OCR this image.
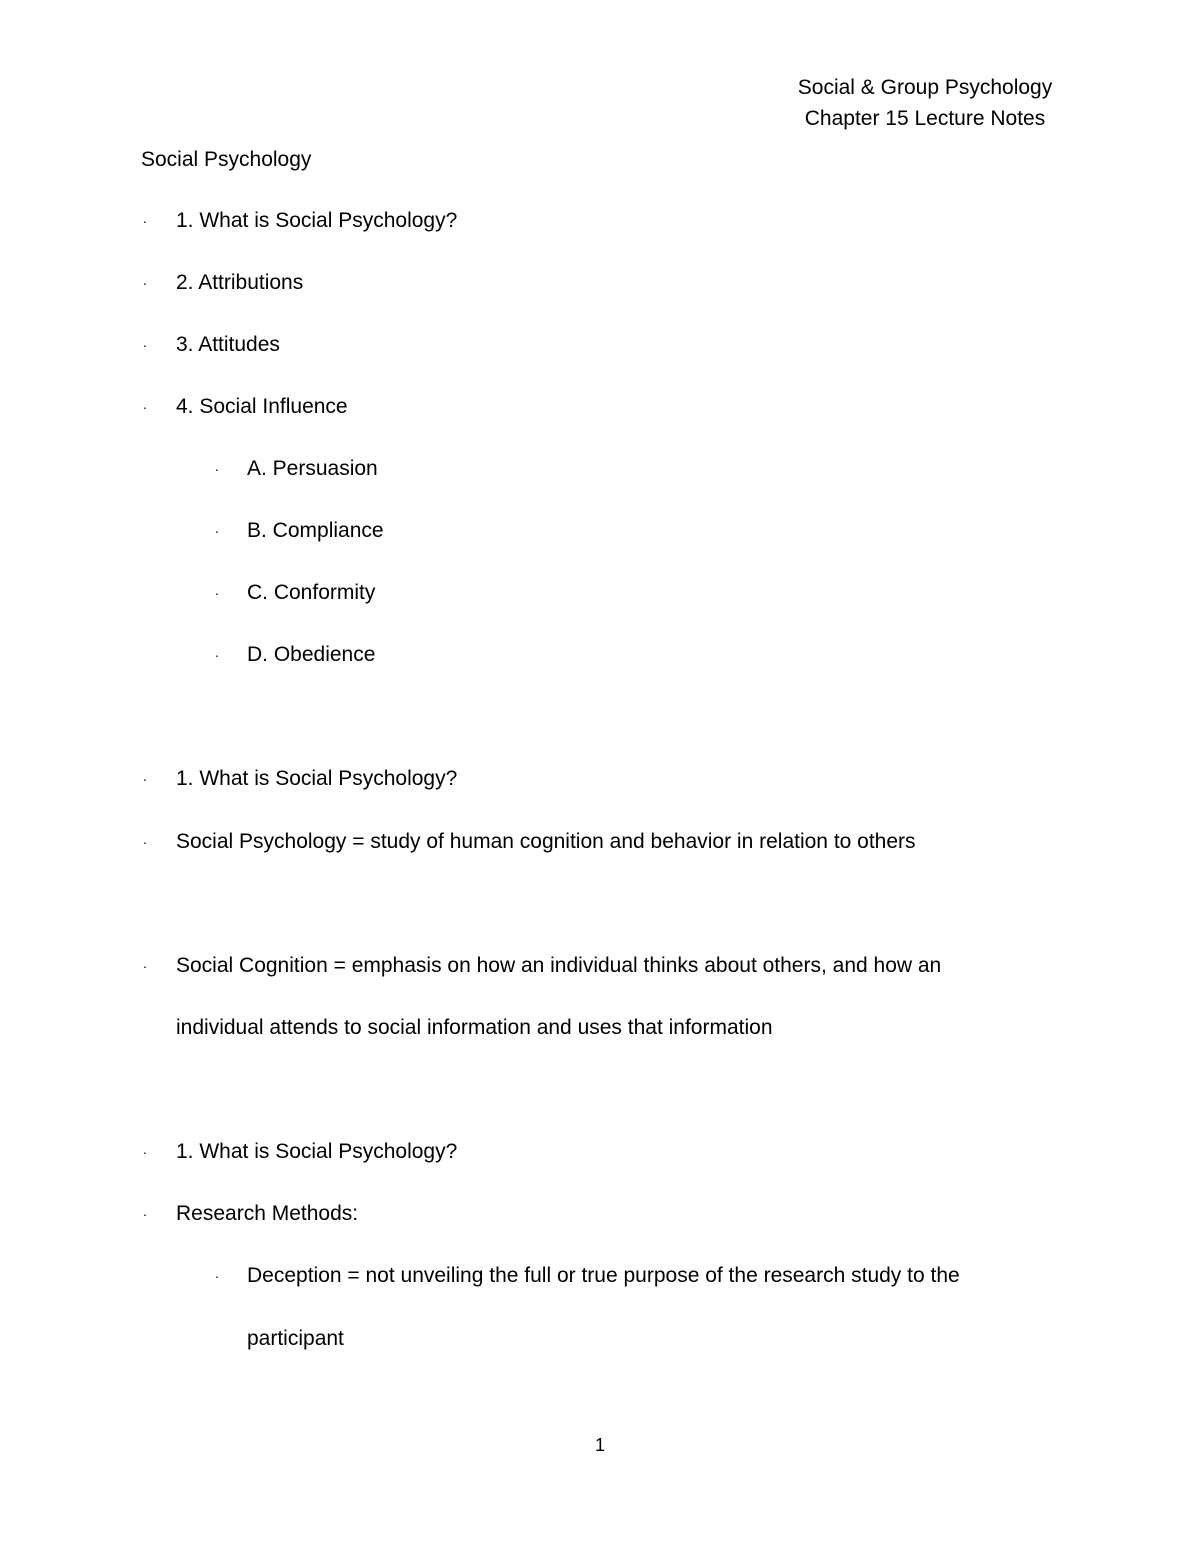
Social & Group Psychology
Chapter 15 Lecture Notes
Social Psychology
· 1. What is Social Psychology?
· 2. Attributions
· 3. Attitudes
· 4. Social Influence
· A. Persuasion
· B. Compliance
· C. Conformity
· D. Obedience
· 1. What is Social Psychology?
· Social Psychology = study of human cognition and behavior in relation to others
· Social Cognition = emphasis on how an individual thinks about others, and how an
individual attends to social information and uses that information
· 1. What is Social Psychology?
· Research Methods:
· Deception = not unveiling the full or true purpose of the research study to the
participant
1
